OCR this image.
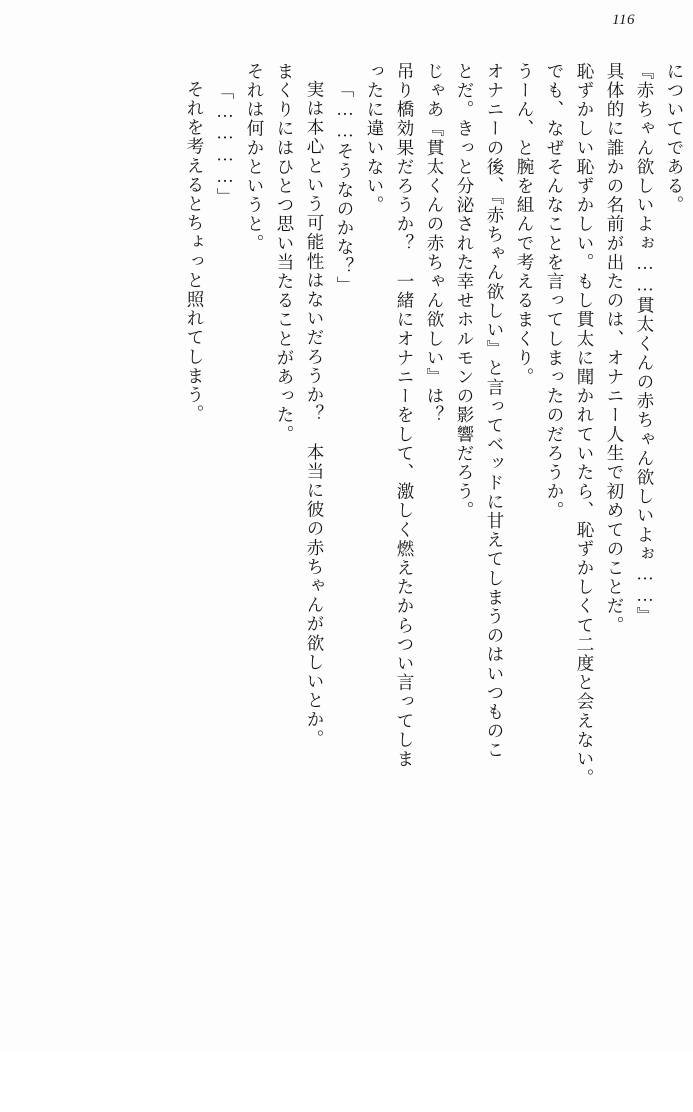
116
『赤ちゃん欲しいよぉ……貫太くんの赤ちゃん欲しいよぉ……』
具体的に誰かの名前が出たのは、オナニー人生で初めてのことだ。
恥ずかしい恥ずかしい。もし貫太に聞かれていたら、恥ずかしくて二度と会えない。
でも、なぜそんなことを言ってしまったのだろうか。
うーん、と腕を組んで考えるまくり。
オナニーの後、『赤ちゃん欲しい』と言ってベッドに甘えてしまうのはいつものこ
とだ。きっと分泌された幸せホルモンの影響だろう。
じゃあ『貫太くんの赤ちゃん欲しい』は？
吊り橋効果だろうか？　一緒にオナニーをして、激しく燃えたからつい言ってしま
ったに違いない。
「……そうなのかな？」
実は本心という可能性はないだろうか？　本当に彼の赤ちゃんが欲しいとか。
まくりにはひとつ思い当たることがあった。
それは何かというと。
「…………」
それを考えるとちょっと照れてしまう。	についてである。
